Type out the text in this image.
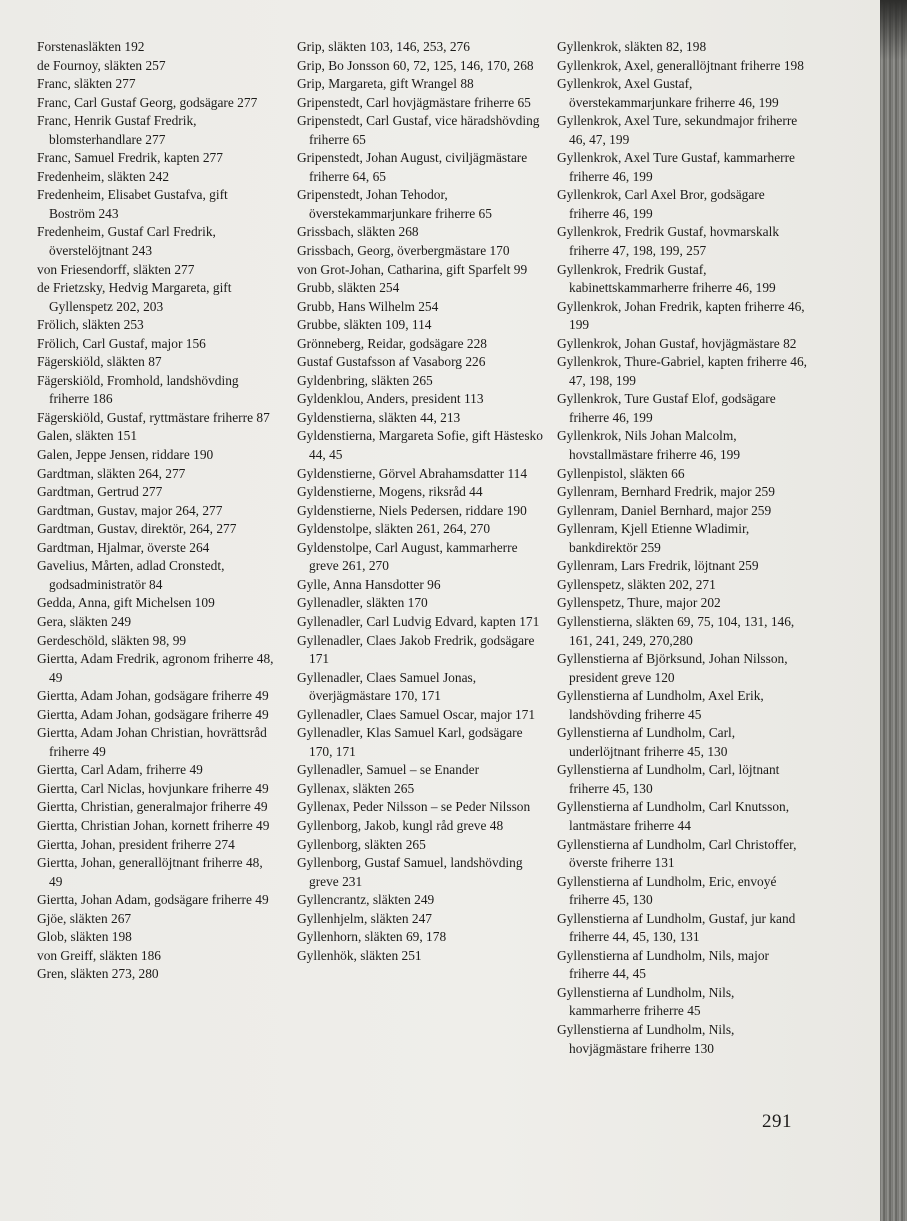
Forstenasläkten 192

de Fournoy, släkten 257

Franc, släkten 277

Franc, Carl Gustaf Georg, godsägare 277

Franc, Henrik Gustaf Fredrik, blomsterhandlare 277

Franc, Samuel Fredrik, kapten 277

Fredenheim, släkten 242

Fredenheim, Elisabet Gustafva, gift Boström 243

Fredenheim, Gustaf Carl Fredrik, överstelöjtnant 243

von Friesendorff, släkten 277

de Frietzsky, Hedvig Margareta, gift Gyllenspetz 202, 203

Frölich, släkten 253

Frölich, Carl Gustaf, major 156

Fägerskiöld, släkten 87

Fägerskiöld, Fromhold, landshövding friherre 186

Fägerskiöld, Gustaf, ryttmästare friherre 87

Galen, släkten 151

Galen, Jeppe Jensen, riddare 190

Gardtman, släkten 264, 277

Gardtman, Gertrud 277

Gardtman, Gustav, major 264, 277

Gardtman, Gustav, direktör, 264, 277

Gardtman, Hjalmar, överste 264

Gavelius, Mårten, adlad Cronstedt, godsadministratör 84

Gedda, Anna, gift Michelsen 109

Gera, släkten 249

Gerdeschöld, släkten 98, 99

Giertta, Adam Fredrik, agronom friherre 48, 49

Giertta, Adam Johan, godsägare friherre 49

Giertta, Adam Johan, godsägare friherre 49

Giertta, Adam Johan Christian, hovrättsråd friherre 49

Giertta, Carl Adam, friherre 49

Giertta, Carl Niclas, hovjunkare friherre 49

Giertta, Christian, generalmajor friherre 49

Giertta, Christian Johan, kornett friherre 49

Giertta, Johan, president friherre 274

Giertta, Johan, generallöjtnant friherre 48, 49

Giertta, Johan Adam, godsägare friherre 49

Gjöe, släkten 267

Glob, släkten 198

von Greiff, släkten 186

Gren, släkten 273, 280

Grip, släkten 103, 146, 253, 276

Grip, Bo Jonsson 60, 72, 125, 146, 170, 268

Grip, Margareta, gift Wrangel 88

Gripenstedt, Carl hovjägmästare friherre 65

Gripenstedt, Carl Gustaf, vice häradshövding friherre 65

Gripenstedt, Johan August, civiljägmästare friherre 64, 65

Gripenstedt, Johan Tehodor, överstekammarjunkare friherre 65

Grissbach, släkten 268

Grissbach, Georg, överbergmästare 170

von Grot-Johan, Catharina, gift Sparfelt 99

Grubb, släkten 254

Grubb, Hans Wilhelm 254

Grubbe, släkten 109, 114

Grönneberg, Reidar, godsägare 228

Gustaf Gustafsson af Vasaborg 226

Gyldenbring, släkten 265

Gyldenklou, Anders, president 113

Gyldenstierna, släkten 44, 213

Gyldenstierna, Margareta Sofie, gift Hästesko 44, 45

Gyldenstierne, Görvel Abrahamsdatter 114

Gyldenstierne, Mogens, riksråd 44

Gyldenstierne, Niels Pedersen, riddare 190

Gyldenstolpe, släkten 261, 264, 270

Gyldenstolpe, Carl August, kammarherre greve 261, 270

Gylle, Anna Hansdotter 96

Gyllenadler, släkten 170

Gyllenadler, Carl Ludvig Edvard, kapten 171

Gyllenadler, Claes Jakob Fredrik, godsägare 171

Gyllenadler, Claes Samuel Jonas, överjägmästare 170, 171

Gyllenadler, Claes Samuel Oscar, major 171

Gyllenadler, Klas Samuel Karl, godsägare 170, 171

Gyllenadler, Samuel – se Enander

Gyllenax, släkten 265

Gyllenax, Peder Nilsson – se Peder Nilsson

Gyllenborg, Jakob, kungl råd greve 48

Gyllenborg, släkten 265

Gyllenborg, Gustaf Samuel, landshövding greve 231

Gyllencrantz, släkten 249

Gyllenhjelm, släkten 247

Gyllenhorn, släkten 69, 178

Gyllenhök, släkten 251

Gyllenkrok, släkten 82, 198

Gyllenkrok, Axel, generallöjtnant friherre 198

Gyllenkrok, Axel Gustaf, överstekammarjunkare friherre 46, 199

Gyllenkrok, Axel Ture, sekundmajor friherre 46, 47, 199

Gyllenkrok, Axel Ture Gustaf, kammarherre friherre 46, 199

Gyllenkrok, Carl Axel Bror, godsägare friherre 46, 199

Gyllenkrok, Fredrik Gustaf, hovmarskalk friherre 47, 198, 199, 257

Gyllenkrok, Fredrik Gustaf, kabinettskammarherre friherre 46, 199

Gyllenkrok, Johan Fredrik, kapten friherre 46, 199

Gyllenkrok, Johan Gustaf, hovjägmästare 82

Gyllenkrok, Thure-Gabriel, kapten friherre 46, 47, 198, 199

Gyllenkrok, Ture Gustaf Elof, godsägare friherre 46, 199

Gyllenkrok, Nils Johan Malcolm, hovstallmästare friherre 46, 199

Gyllenpistol, släkten 66

Gyllenram, Bernhard Fredrik, major 259

Gyllenram, Daniel Bernhard, major 259

Gyllenram, Kjell Etienne Wladimir, bankdirektör 259

Gyllenram, Lars Fredrik, löjtnant 259

Gyllenspetz, släkten 202, 271

Gyllenspetz, Thure, major 202

Gyllenstierna, släkten 69, 75, 104, 131, 146, 161, 241, 249, 270,280

Gyllenstierna af Björksund, Johan Nilsson, president greve 120

Gyllenstierna af Lundholm, Axel Erik, landshövding friherre 45

Gyllenstierna af Lundholm, Carl, underlöjtnant friherre 45, 130

Gyllenstierna af Lundholm, Carl, löjtnant friherre 45, 130

Gyllenstierna af Lundholm, Carl Knutsson, lantmästare friherre 44

Gyllenstierna af Lundholm, Carl Christoffer, överste friherre 131

Gyllenstierna af Lundholm, Eric, envoyé friherre 45, 130

Gyllenstierna af Lundholm, Gustaf, jur kand friherre 44, 45, 130, 131

Gyllenstierna af Lundholm, Nils, major friherre 44, 45

Gyllenstierna af Lundholm, Nils, kammarherre friherre 45

Gyllenstierna af Lundholm, Nils, hovjägmästare friherre 130

291
